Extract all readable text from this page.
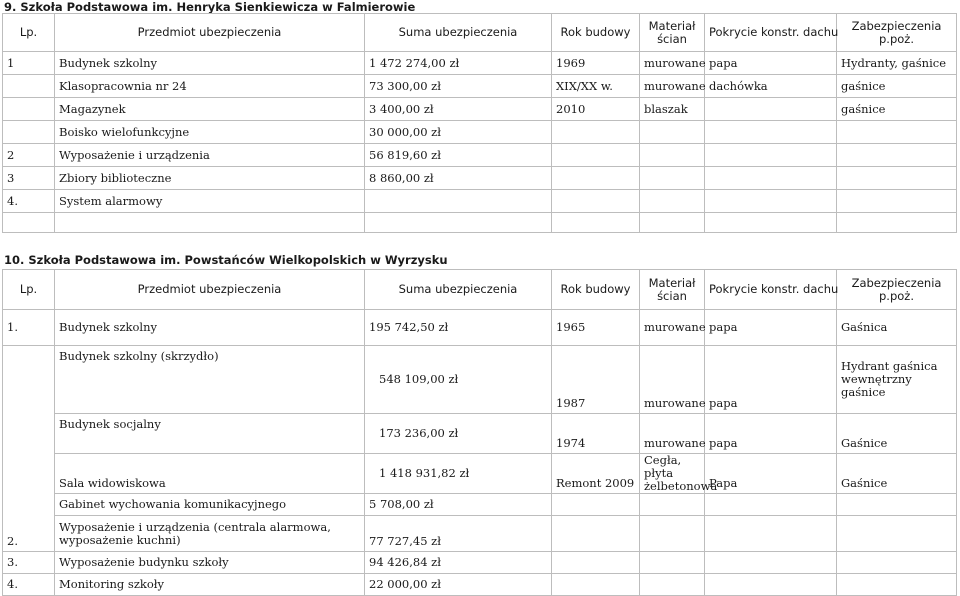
9. Szkoła Podstawowa im. Henryka Sienkiewicza w Falmierowie
Lp.	Przedmiot ubezpieczenia	Suma ubezpieczenia	Rok budowy	Materiał ścian	Pokrycie konstr. dachu	Zabezpieczenia p.poż.
1	Budynek szkolny	1 472 274,00 zł	1969	murowane	papa	Hydranty, gaśnice
	Klasopracownia nr 24	73 300,00 zł	XIX/XX w.	murowane	dachówka	gaśnice
	Magazynek	3 400,00 zł	2010	blaszak		gaśnice
	Boisko wielofunkcyjne	30 000,00 zł				
2	Wyposażenie i urządzenia	56 819,60 zł				
3	Zbiory biblioteczne	8 860,00 zł				
4.	System alarmowy					

10. Szkoła Podstawowa im. Powstańców Wielkopolskich w Wyrzysku
Lp.	Przedmiot ubezpieczenia	Suma ubezpieczenia	Rok budowy	Materiał ścian	Pokrycie konstr. dachu	Zabezpieczenia p.poż.
1.	Budynek szkolny	195 742,50 zł	1965	murowane	papa	Gaśnica
2.	Budynek szkolny (skrzydło)	548 109,00 zł	1987	murowane	papa	Hydrant gaśnica wewnętrzny gaśnice
	Budynek socjalny	173 236,00 zł	1974	murowane	papa	Gaśnice
	Sala widowiskowa	1 418 931,82 zł	Remont 2009	Cegła, płyta żelbetonowa	Papa	Gaśnice
	Gabinet wychowania komunikacyjnego	5 708,00 zł				
	Wyposażenie i urządzenia (centrala alarmowa, wyposażenie kuchni)	77 727,45 zł				
3.	Wyposażenie budynku szkoły	94 426,84 zł				
4.	Monitoring szkoły	22 000,00 zł				
